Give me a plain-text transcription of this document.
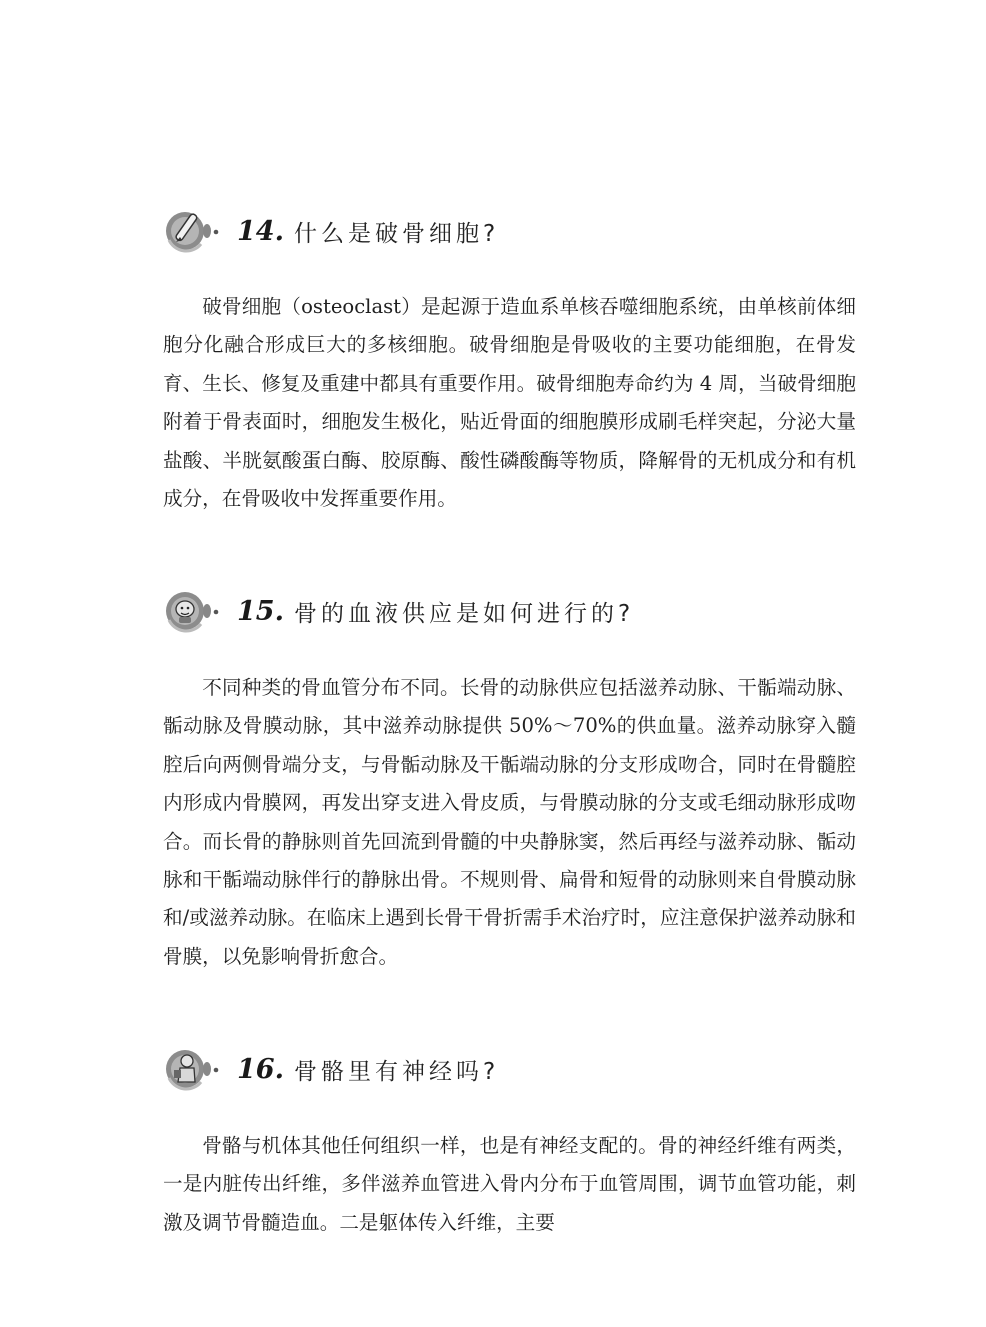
14. 什么是破骨细胞?

破骨细胞（osteoclast）是起源于造血系单核吞噬细胞系统，由单核前体细胞分化融合形成巨大的多核细胞。破骨细胞是骨吸收的主要功能细胞，在骨发育、生长、修复及重建中都具有重要作用。破骨细胞寿命约为 4 周，当破骨细胞附着于骨表面时，细胞发生极化，贴近骨面的细胞膜形成刷毛样突起，分泌大量盐酸、半胱氨酸蛋白酶、胶原酶、酸性磷酸酶等物质，降解骨的无机成分和有机成分，在骨吸收中发挥重要作用。

15. 骨的血液供应是如何进行的?

不同种类的骨血管分布不同。长骨的动脉供应包括滋养动脉、干骺端动脉、骺动脉及骨膜动脉，其中滋养动脉提供 50%～70%的供血量。滋养动脉穿入髓腔后向两侧骨端分支，与骨骺动脉及干骺端动脉的分支形成吻合，同时在骨髓腔内形成内骨膜网，再发出穿支进入骨皮质，与骨膜动脉的分支或毛细动脉形成吻合。而长骨的静脉则首先回流到骨髓的中央静脉窦，然后再经与滋养动脉、骺动脉和干骺端动脉伴行的静脉出骨。不规则骨、扁骨和短骨的动脉则来自骨膜动脉和/或滋养动脉。在临床上遇到长骨干骨折需手术治疗时，应注意保护滋养动脉和骨膜，以免影响骨折愈合。

16. 骨骼里有神经吗?

骨骼与机体其他任何组织一样，也是有神经支配的。骨的神经纤维有两类，一是内脏传出纤维，多伴滋养血管进入骨内分布于血管周围，调节血管功能，刺激及调节骨髓造血。二是躯体传入纤维，主要
